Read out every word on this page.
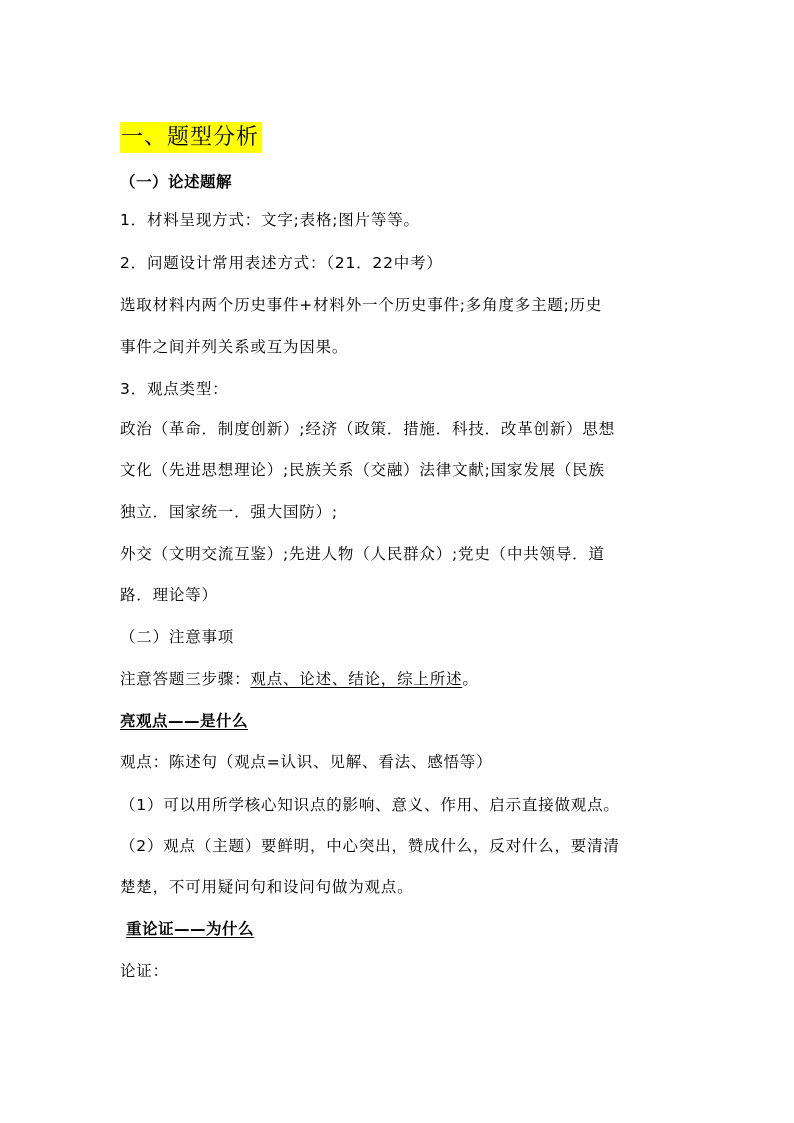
一、题型分析
（一）论述题解
1．材料呈现方式：文字;表格;图片等等。
2．问题设计常用表述方式：（21．22中考）
选取材料内两个历史事件+材料外一个历史事件;多角度多主题;历史
事件之间并列关系或互为因果。
3．观点类型：
政治（革命．制度创新）;经济（政策．措施．科技．改革创新）思想
文化（先进思想理论）;民族关系（交融）法律文献;国家发展（民族
独立．国家统一．强大国防）;
外交（文明交流互鉴）;先进人物（人民群众）;党史（中共领导．道
路．理论等）
（二）注意事项
注意答题三步骤：观点、论述、结论，综上所述。
亮观点——是什么
观点：陈述句（观点=认识、见解、看法、感悟等）
（1）可以用所学核心知识点的影响、意义、作用、启示直接做观点。
（2）观点（主题）要鲜明，中心突出，赞成什么，反对什么，要清清
楚楚，不可用疑问句和设问句做为观点。
重论证——为什么
论证：
